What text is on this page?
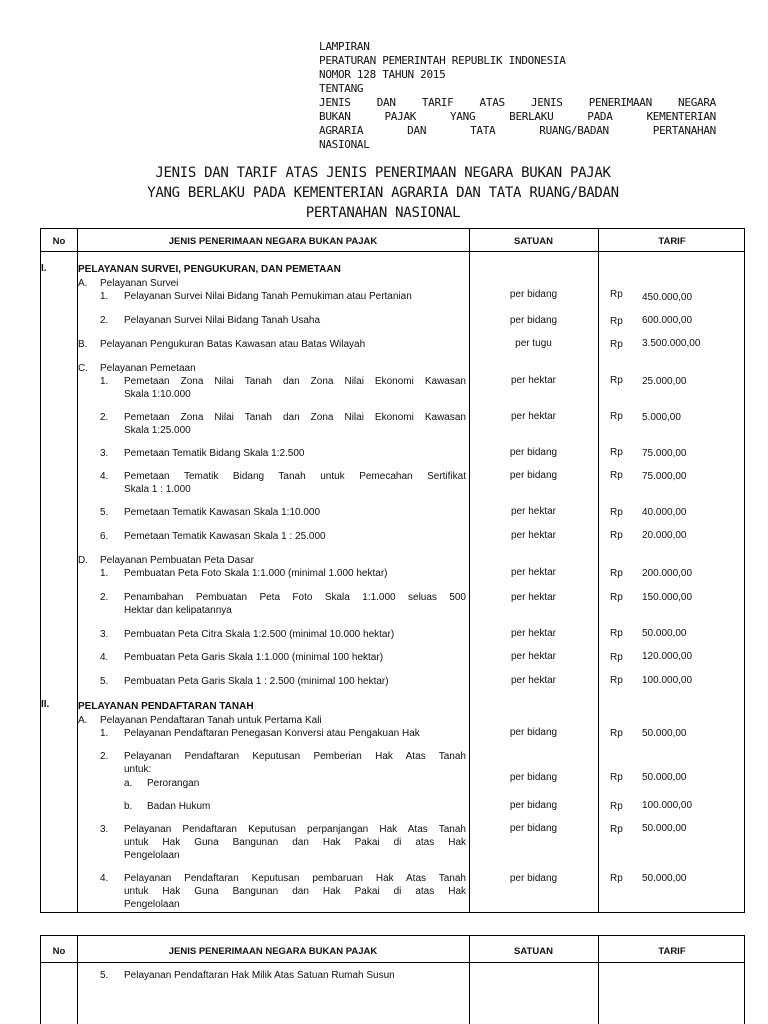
LAMPIRAN
PERATURAN PEMERINTAH REPUBLIK INDONESIA
NOMOR 128 TAHUN 2015
TENTANG
JENIS DAN TARIF ATAS JENIS PENERIMAAN NEGARA
BUKAN PAJAK YANG BERLAKU PADA KEMENTERIAN
AGRARIA DAN TATA RUANG/BADAN PERTANAHAN
NASIONAL
JENIS DAN TARIF ATAS JENIS PENERIMAAN NEGARA BUKAN PAJAK
YANG BERLAKU PADA KEMENTERIAN AGRARIA DAN TATA RUANG/BADAN
PERTANAHAN NASIONAL
No	JENIS PENERIMAAN NEGARA BUKAN PAJAK	SATUAN	TARIF
I.	PELAYANAN SURVEI, PENGUKURAN, DAN PEMETAAN
A. Pelayanan Survei
1. Pelayanan Survei Nilai Bidang Tanah Pemukiman atau Pertanian	per bidang	Rp 450.000,00
2. Pelayanan Survei Nilai Bidang Tanah Usaha	per bidang	Rp 600.000,00
B. Pelayanan Pengukuran Batas Kawasan atau Batas Wilayah	per tugu	Rp 3.500.000,00
C. Pelayanan Pemetaan
1. Pemetaan Zona Nilai Tanah dan Zona Nilai Ekonomi Kawasan
Skala 1:10.000
per hektar	Rp 25.000,00
2. Pemetaan Zona Nilai Tanah dan Zona Nilai Ekonomi Kawasan
Skala 1:25.000
per hektar	Rp 5.000,00
3. Pemetaan Tematik Bidang Skala 1:2.500	per bidang	Rp 75.000,00
4. Pemetaan Tematik Bidang Tanah untuk Pemecahan Sertifikat
Skala 1 : 1.000
per bidang	Rp 75.000,00
5. Pemetaan Tematik Kawasan Skala 1:10.000	per hektar	Rp 40.000,00
6. Pemetaan Tematik Kawasan Skala 1 : 25.000	per hektar	Rp 20.000,00
D. Pelayanan Pembuatan Peta Dasar
1. Pembuatan Peta Foto Skala 1:1.000 (minimal 1.000 hektar)	per hektar	Rp 200.000,00
2. Penambahan Pembuatan Peta Foto Skala 1:1.000 seluas 500
Hektar dan kelipatannya
per hektar	Rp 150.000,00
3. Pembuatan Peta Citra Skala 1:2.500 (minimal 10.000 hektar)	per hektar	Rp 50.000,00
4. Pembuatan Peta Garis Skala 1:1.000 (minimal 100 hektar)	per hektar	Rp 120.000,00
5. Pembuatan Peta Garis Skala 1 : 2.500 (minimal 100 hektar)	per hektar	Rp 100.000,00
II.	PELAYANAN PENDAFTARAN TANAH
A. Pelayanan Pendaftaran Tanah untuk Pertama Kali
1. Pelayanan Pendaftaran Penegasan Konversi atau Pengakuan Hak	per bidang	Rp 50.000,00
2. Pelayanan Pendaftaran Keputusan Pemberian Hak Atas Tanah
untuk:
a. Perorangan
per bidang	Rp 50.000,00
b. Badan Hukum	per bidang	Rp 100.000,00
3. Pelayanan Pendaftaran Keputusan perpanjangan Hak Atas Tanah
untuk Hak Guna Bangunan dan Hak Pakai di atas Hak
Pengelolaan
per bidang	Rp 50.000,00
4. Pelayanan Pendaftaran Keputusan pembaruan Hak Atas Tanah
untuk Hak Guna Bangunan dan Hak Pakai di atas Hak
Pengelolaan
per bidang	Rp 50.000,00
No	JENIS PENERIMAAN NEGARA BUKAN PAJAK	SATUAN	TARIF
5. Pelayanan Pendaftaran Hak Milik Atas Satuan Rumah Susun
